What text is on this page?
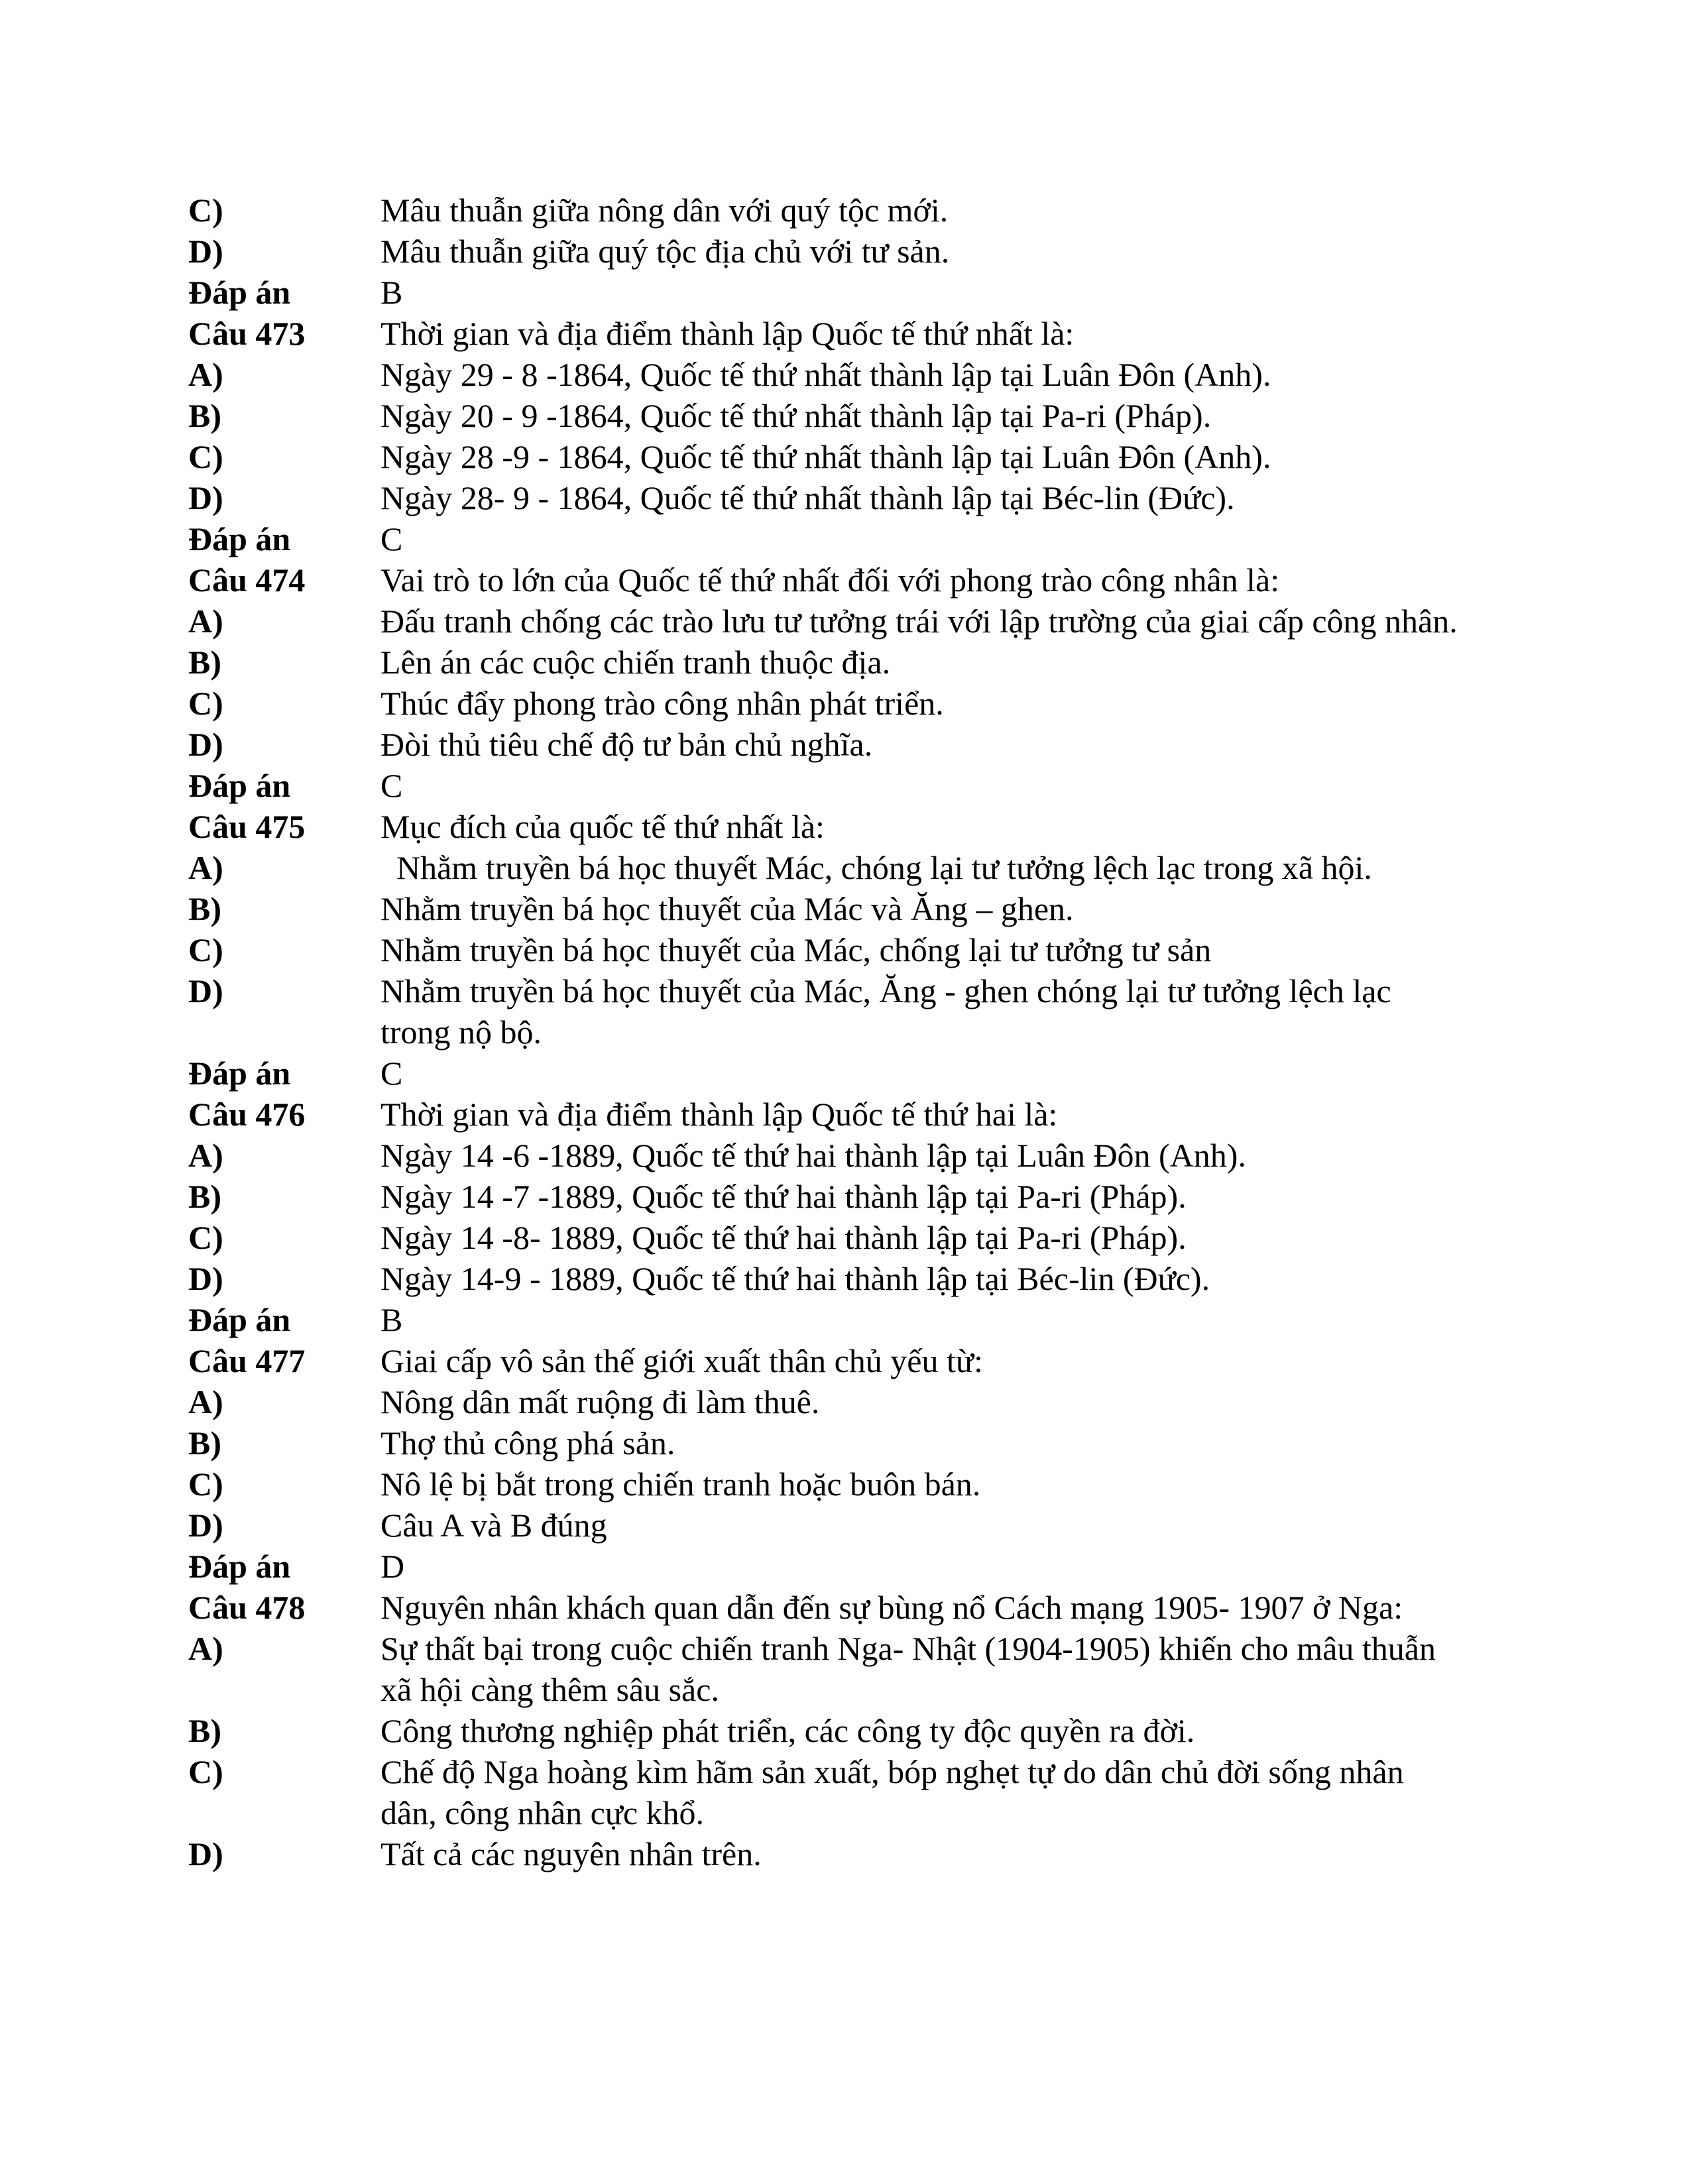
C)	Mâu thuẫn giữa nông dân với quý tộc mới.
D)	Mâu thuẫn giữa quý tộc địa chủ với tư sản.
Đáp án	B
Câu 473	Thời gian và địa điểm thành lập Quốc tế thứ nhất là:
A)	Ngày 29 - 8 -1864, Quốc tế thứ nhất thành lập tại Luân Đôn (Anh).
B)	Ngày 20 - 9 -1864, Quốc tế thứ nhất thành lập tại Pa-ri (Pháp).
C)	Ngày 28 -9 - 1864, Quốc tế thứ nhất thành lập tại Luân Đôn (Anh).
D)	Ngày 28- 9 - 1864, Quốc tế thứ nhất thành lập tại Béc-lin (Đức).
Đáp án	C
Câu 474	Vai trò to lớn của Quốc tế thứ nhất đối với phong trào công nhân là:
A)	Đấu tranh chống các trào lưu tư tưởng trái với lập trường của giai cấp công nhân.
B)	Lên án các cuộc chiến tranh thuộc địa.
C)	Thúc đẩy phong trào công nhân phát triển.
D)	Đòi thủ tiêu chế độ tư bản chủ nghĩa.
Đáp án	C
Câu 475	Mục đích của quốc tế thứ nhất là:
A)	Nhằm truyền bá học thuyết Mác, chóng lại tư tưởng lệch lạc trong xã hội.
B)	Nhằm truyền bá học thuyết của Mác và Ăng – ghen.
C)	Nhằm truyền bá học thuyết của Mác, chống lại tư tưởng tư sản
D)	Nhằm truyền bá học thuyết của Mác, Ăng - ghen chóng lại tư tưởng lệch lạc trong nộ bộ.
Đáp án	C
Câu 476	Thời gian và địa điểm thành lập Quốc tế thứ hai là:
A)	Ngày 14 -6 -1889, Quốc tế thứ hai thành lập tại Luân Đôn (Anh).
B)	Ngày 14 -7 -1889, Quốc tế thứ hai thành lập tại Pa-ri (Pháp).
C)	Ngày 14 -8- 1889, Quốc tế thứ hai thành lập tại Pa-ri (Pháp).
D)	Ngày 14-9 - 1889, Quốc tế thứ hai thành lập tại Béc-lin (Đức).
Đáp án	B
Câu 477	Giai cấp vô sản thế giới xuất thân chủ yếu từ:
A)	Nông dân mất ruộng đi làm thuê.
B)	Thợ thủ công phá sản.
C)	Nô lệ bị bắt trong chiến tranh hoặc buôn bán.
D)	Câu A và B đúng
Đáp án	D
Câu 478	Nguyên nhân khách quan dẫn đến sự bùng nổ Cách mạng 1905- 1907 ở Nga:
A)	Sự thất bại trong cuộc chiến tranh Nga- Nhật (1904-1905) khiến cho mâu thuẫn xã hội càng thêm sâu sắc.
B)	Công thương nghiệp phát triển, các công ty độc quyền ra đời.
C)	Chế độ Nga hoàng kìm hãm sản xuất, bóp nghẹt tự do dân chủ đời sống nhân dân, công nhân cực khổ.
D)	Tất cả các nguyên nhân trên.
